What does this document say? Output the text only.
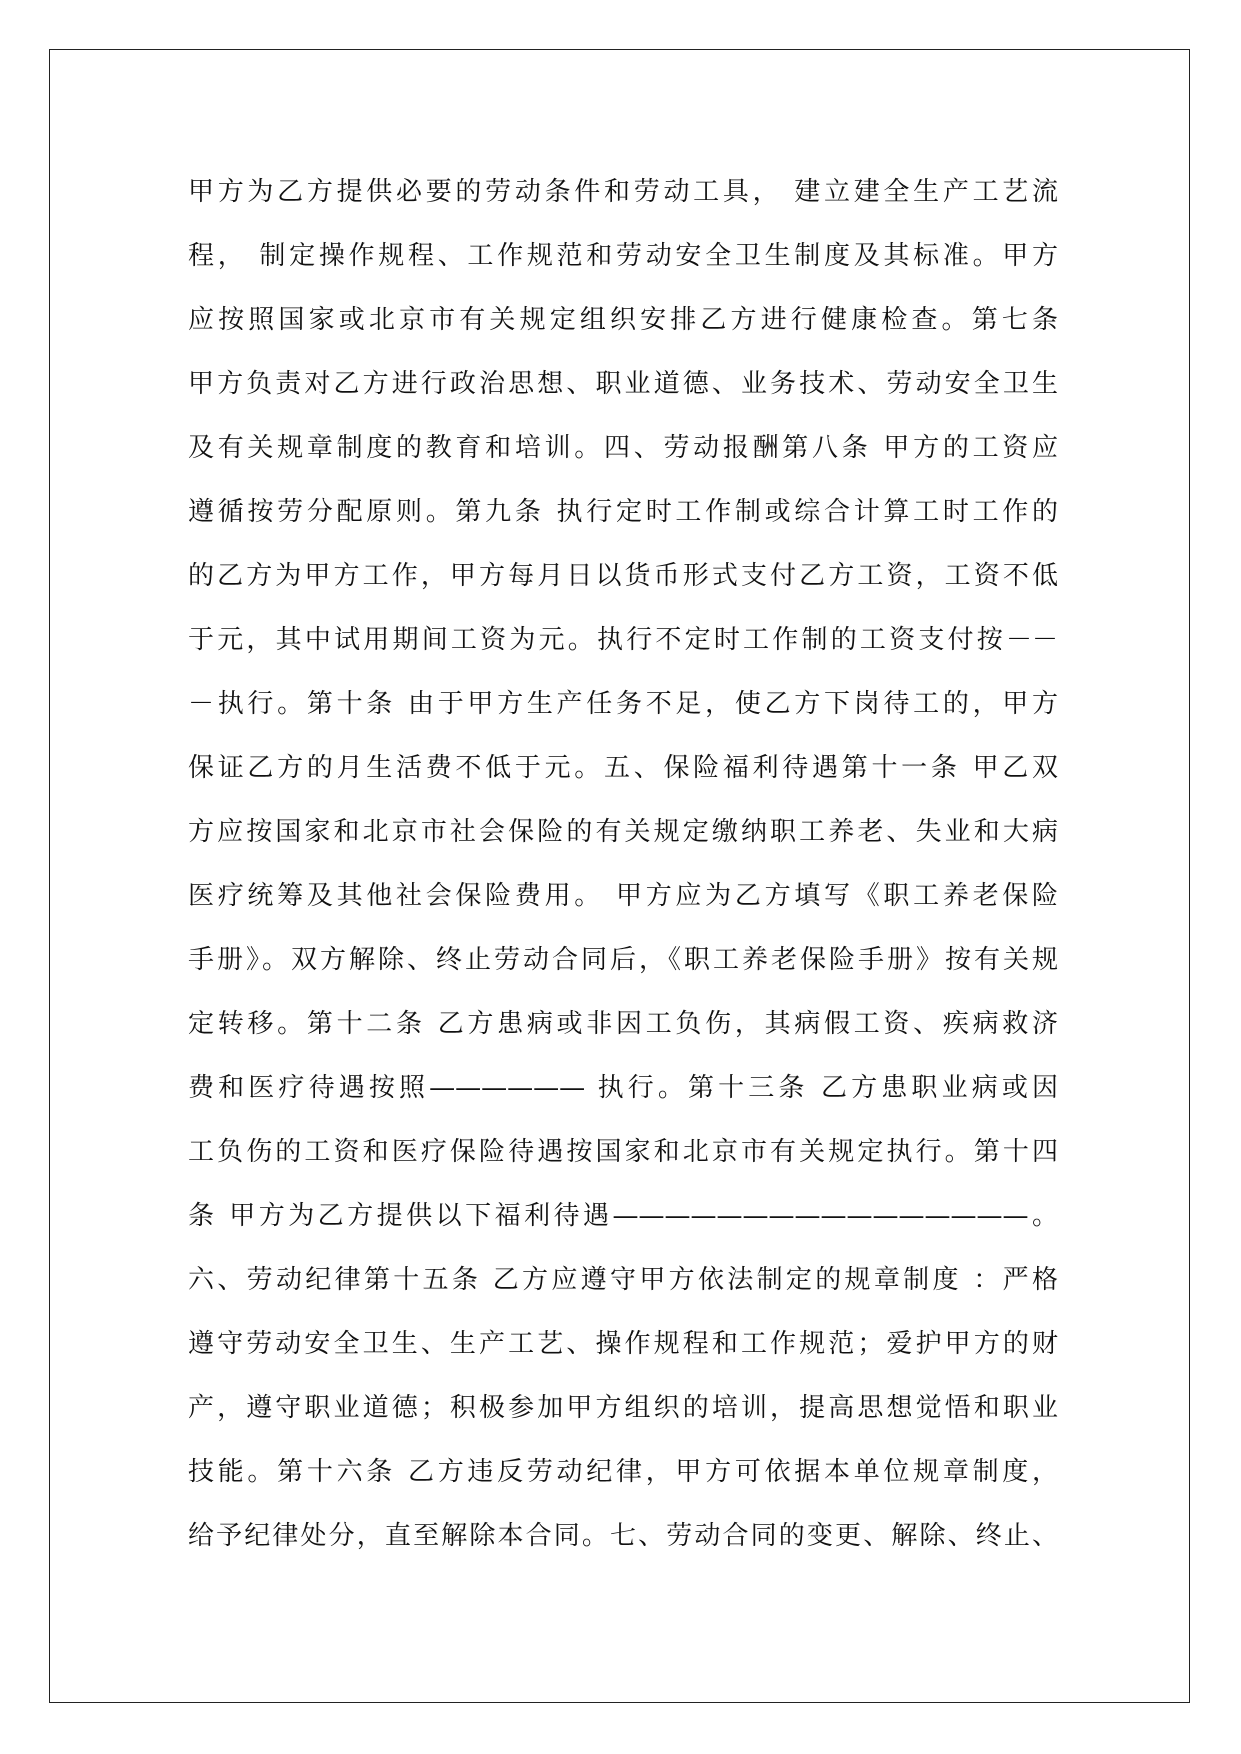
甲方为乙方提供必要的劳动条件和劳动工具， 建立建全生产工艺流
程， 制定操作规程、工作规范和劳动安全卫生制度及其标准。甲方
应按照国家或北京市有关规定组织安排乙方进行健康检查。第七条
甲方负责对乙方进行政治思想、职业道德、业务技术、劳动安全卫生
及有关规章制度的教育和培训。四、劳动报酬第八条 甲方的工资应
遵循按劳分配原则。第九条 执行定时工作制或综合计算工时工作的
的乙方为甲方工作，甲方每月日以货币形式支付乙方工资，工资不低
于元，其中试用期间工资为元。执行不定时工作制的工资支付按－－
－执行。第十条 由于甲方生产任务不足，使乙方下岗待工的，甲方
保证乙方的月生活费不低于元。五、保险福利待遇第十一条 甲乙双
方应按国家和北京市社会保险的有关规定缴纳职工养老、失业和大病
医疗统筹及其他社会保险费用。 甲方应为乙方填写《职工养老保险
手册》。双方解除、终止劳动合同后，《职工养老保险手册》按有关规
定转移。第十二条 乙方患病或非因工负伤，其病假工资、疾病救济
费和医疗待遇按照—————— 执行。第十三条 乙方患职业病或因
工负伤的工资和医疗保险待遇按国家和北京市有关规定执行。第十四
条 甲方为乙方提供以下福利待遇————————————————。
六、劳动纪律第十五条 乙方应遵守甲方依法制定的规章制度 ：严格
遵守劳动安全卫生、生产工艺、操作规程和工作规范；爱护甲方的财
产，遵守职业道德；积极参加甲方组织的培训，提高思想觉悟和职业
技能。第十六条 乙方违反劳动纪律，甲方可依据本单位规章制度，
给予纪律处分，直至解除本合同。七、劳动合同的变更、解除、终止、
